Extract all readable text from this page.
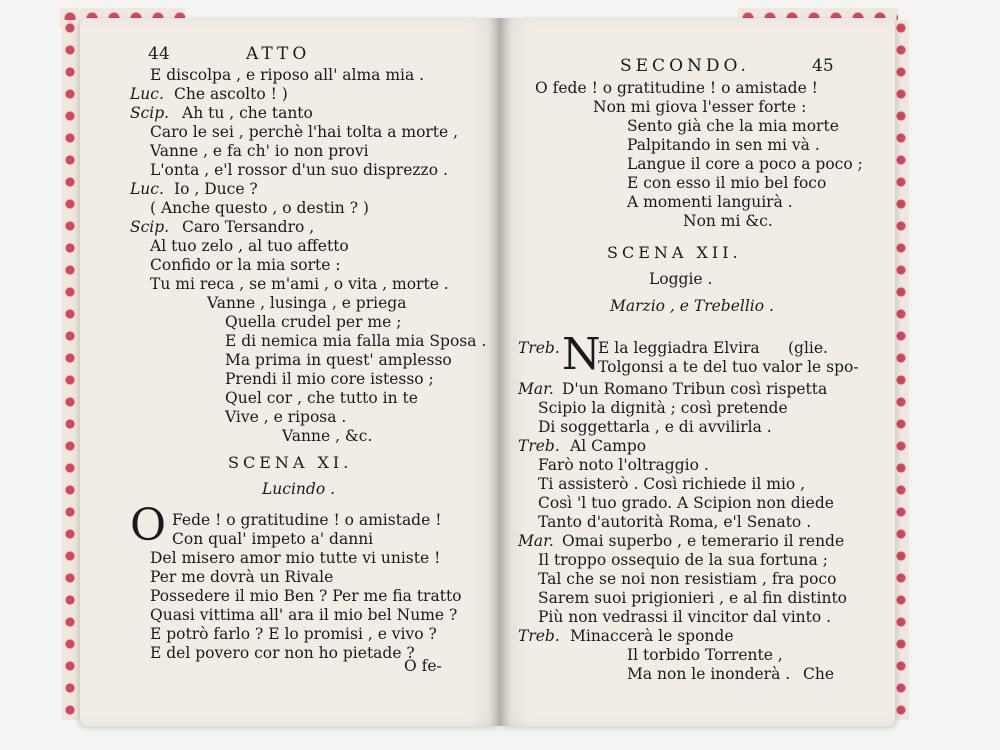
44	ATTO
E discolpa , e riposo all' alma mia .
Luc. Che ascolto ! )
Scip. Ah tu , che tanto
Caro le sei , perchè l'hai tolta a morte ,
Vanne , e fa ch' io non provi
L'onta , e'l rossor d'un suo disprezzo .
Luc. Io , Duce ?
( Anche questo , o destin ? )
Scip. Caro Tersandro ,
Al tuo zelo , al tuo affetto
Confido or la mia sorte :
Tu mi reca , se m'ami , o vita , morte .
Vanne , lusinga , e priega
Quella crudel per me ;
E di nemica mia falla mia Sposa .
Ma prima in quest' amplesso
Prendi il mio core istesso ;
Quel cor , che tutto in te
Vive , e riposa .
Vanne , &c.
SCENA XI.
Lucindo .
O Fede ! o gratitudine ! o amistade !
Con qual' impeto a' danni
Del misero amor mio tutte vi uniste !
Per me dovrà un Rivale
Possedere il mio Ben ? Per me fia tratto
Quasi vittima all' ara il mio bel Nume ?
E potrò farlo ? E lo promisi , e vivo ?
E del povero cor non ho pietade ?
O fe-
SECONDO.	45
O fede ! o gratitudine ! o amistade !
Non mi giova l'esser forte :
Sento già che la mia morte
Palpitando in sen mi và .
Langue il core a poco a poco ;
E con esso il mio bel foco
A momenti languirà .
Non mi &c.
SCENA XII.
Loggie .
Marzio , e Trebellio .
Treb. N
E la leggiadra Elvira (glie.
Tolgonsi a te del tuo valor le spo-
Mar. D'un Romano Tribun così rispetta
Scipio la dignità ; così pretende
Di soggettarla , e di avvilirla .
Treb. Al Campo
Farò noto l'oltraggio .
Ti assisterò . Così richiede il mio ,
Così 'l tuo grado. A Scipion non diede
Tanto d'autorità Roma, e'l Senato .
Mar. Omai superbo , e temerario il rende
Il troppo ossequio de la sua fortuna ;
Tal che se noi non resistiam , fra poco
Sarem suoi prigionieri , e al fin distinto
Più non vedrassi il vincitor dal vinto .
Treb. Minaccerà le sponde
Il torbido Torrente ,
Ma non le inonderà . Che
